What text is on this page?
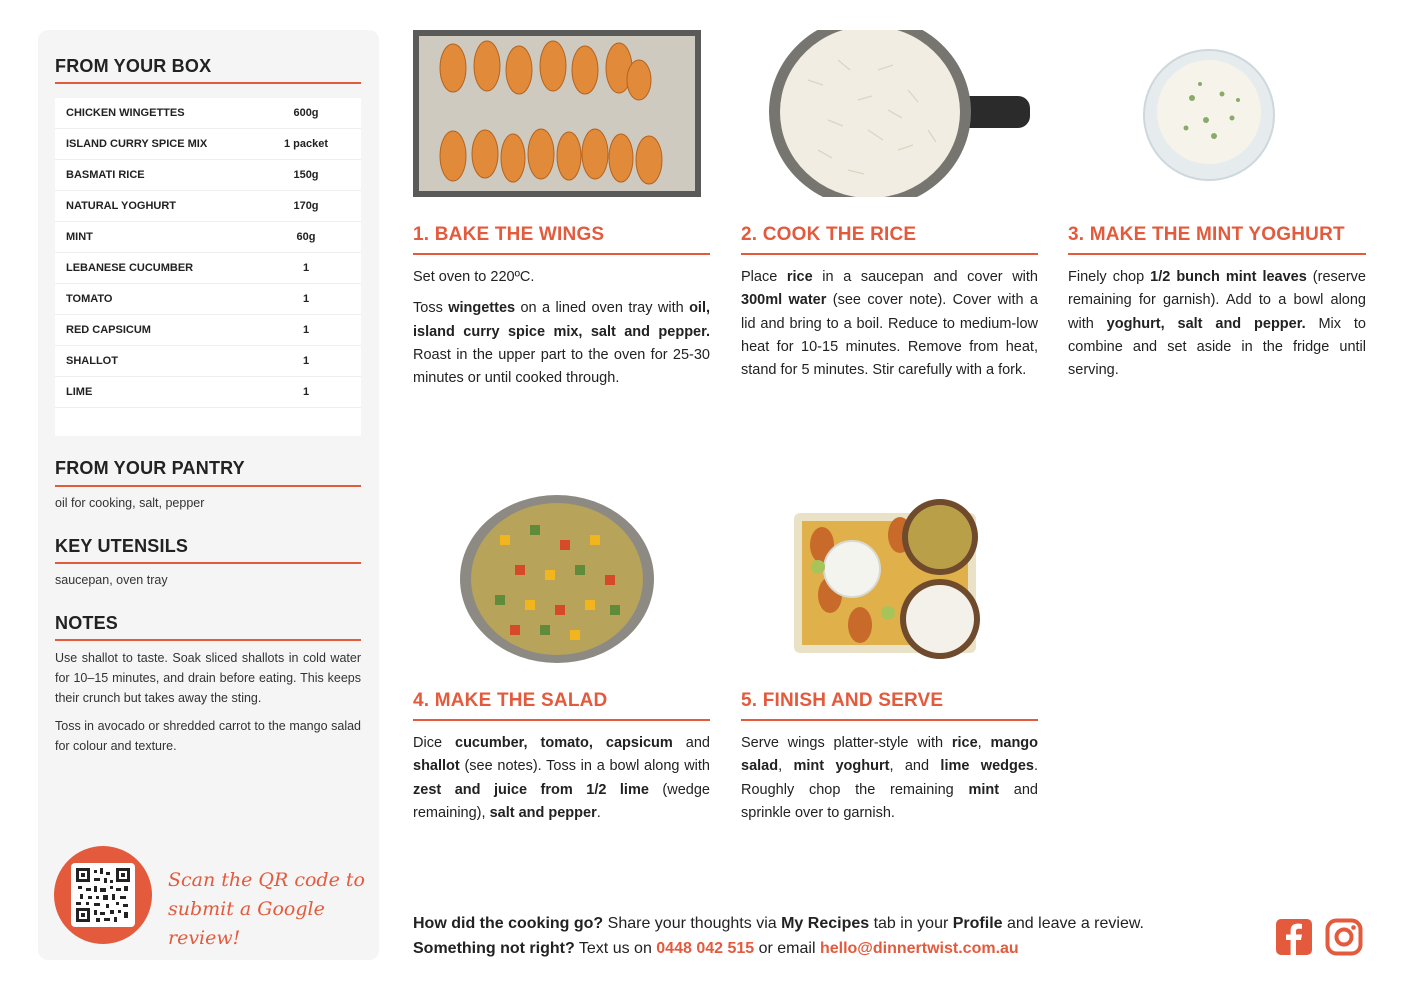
FROM YOUR BOX
CHICKEN WINGETTES	600g
ISLAND CURRY SPICE MIX	1 packet
BASMATI RICE	150g
NATURAL YOGHURT	170g
MINT	60g
LEBANESE CUCUMBER	1
TOMATO	1
RED CAPSICUM	1
SHALLOT	1
LIME	1
FROM YOUR PANTRY
oil for cooking, salt, pepper
KEY UTENSILS
saucepan, oven tray
NOTES
Use shallot to taste. Soak sliced shallots in cold water for 10–15 minutes, and drain before eating. This keeps their crunch but takes away the sting.
Toss in avocado or shredded carrot to the mango salad for colour and texture.
Scan the QR code to
submit a Google review!
1. BAKE THE WINGS

Set oven to 220ºC.

Toss wingettes on a lined oven tray with oil, island curry spice mix, salt and pepper. Roast in the upper part to the oven for 25-30 minutes or until cooked through.

2. COOK THE RICE

Place rice in a saucepan and cover with 300ml water (see cover note). Cover with a lid and bring to a boil. Reduce to medium-low heat for 10-15 minutes. Remove from heat, stand for 5 minutes. Stir carefully with a fork.

3. MAKE THE MINT YOGHURT

Finely chop 1/2 bunch mint leaves (reserve remaining for garnish). Add to a bowl along with yoghurt, salt and pepper. Mix to combine and set aside in the fridge until serving.

4. MAKE THE SALAD

Dice cucumber, tomato, capsicum and shallot (see notes). Toss in a bowl along with zest and juice from 1/2 lime (wedge remaining), salt and pepper.

5. FINISH AND SERVE

Serve wings platter-style with rice, mango salad, mint yoghurt, and lime wedges. Roughly chop the remaining mint and sprinkle over to garnish.

How did the cooking go? Share your thoughts via My Recipes tab in your Profile and leave a review.
Something not right? Text us on 0448 042 515 or email hello@dinnertwist.com.au
